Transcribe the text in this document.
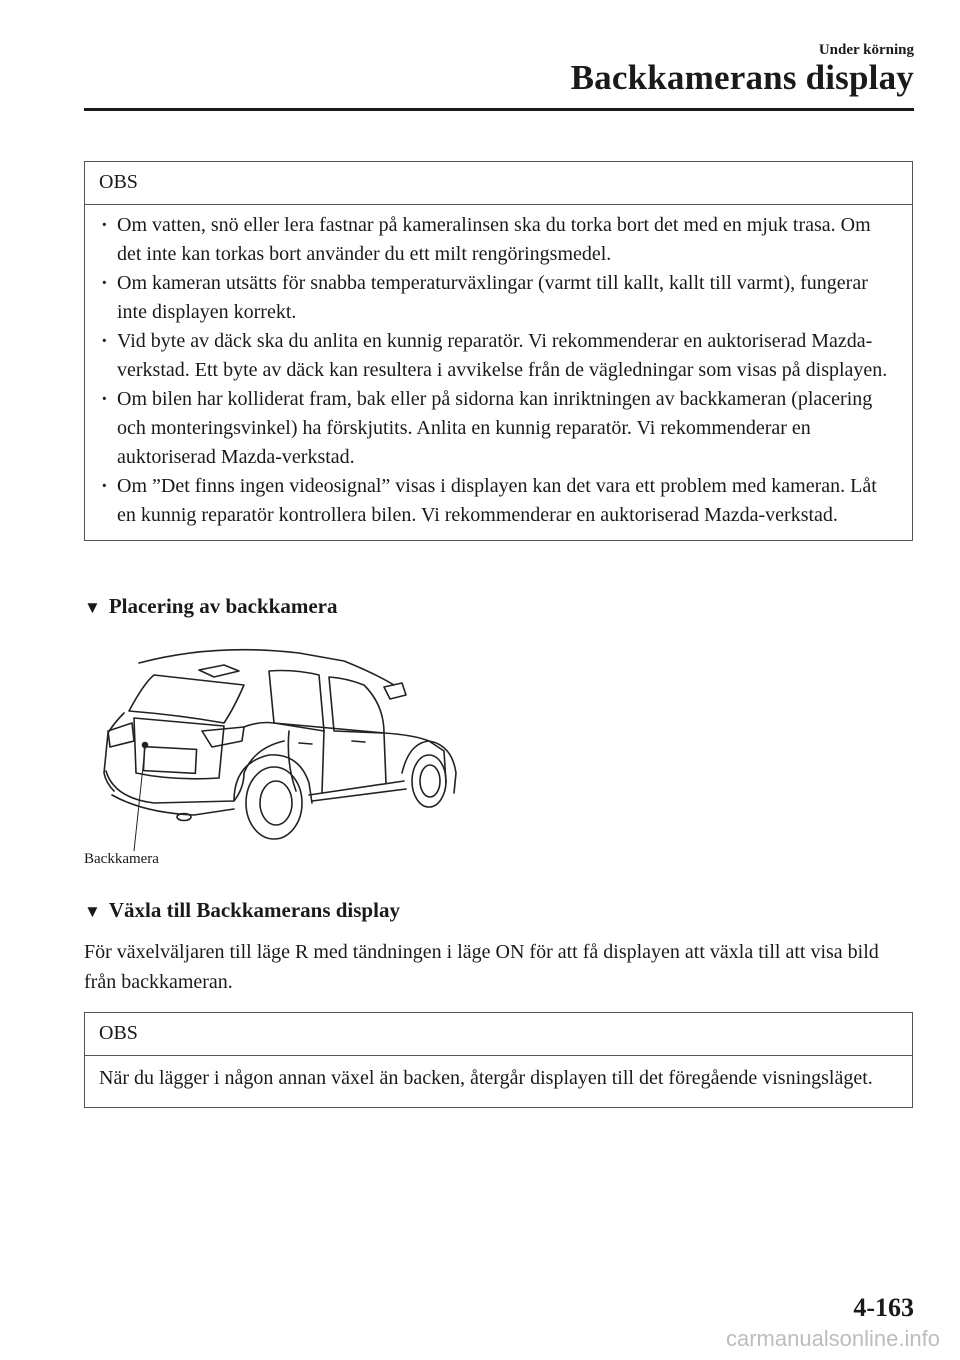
Under körning
Backkamerans display
OBS
· Om vatten, snö eller lera fastnar på kameralinsen ska du torka bort det med en mjuk trasa. Om det inte kan torkas bort använder du ett milt rengöringsmedel.
· Om kameran utsätts för snabba temperaturväxlingar (varmt till kallt, kallt till varmt), fungerar inte displayen korrekt.
· Vid byte av däck ska du anlita en kunnig reparatör. Vi rekommenderar en auktoriserad Mazda-verkstad. Ett byte av däck kan resultera i avvikelse från de vägledningar som visas på displayen.
· Om bilen har kolliderat fram, bak eller på sidorna kan inriktningen av backkameran (placering och monteringsvinkel) ha förskjutits. Anlita en kunnig reparatör. Vi rekommenderar en auktoriserad Mazda-verkstad.
· Om ”Det finns ingen videosignal” visas i displayen kan det vara ett problem med kameran. Låt en kunnig reparatör kontrollera bilen. Vi rekommenderar en auktoriserad Mazda-verkstad.
▼ Placering av backkamera
Backkamera
▼ Växla till Backkamerans display
För växelväljaren till läge R med tändningen i läge ON för att få displayen att växla till att visa bild från backkameran.
OBS
När du lägger i någon annan växel än backen, återgår displayen till det föregående visningsläget.
4-163
carmanualsonline.info
